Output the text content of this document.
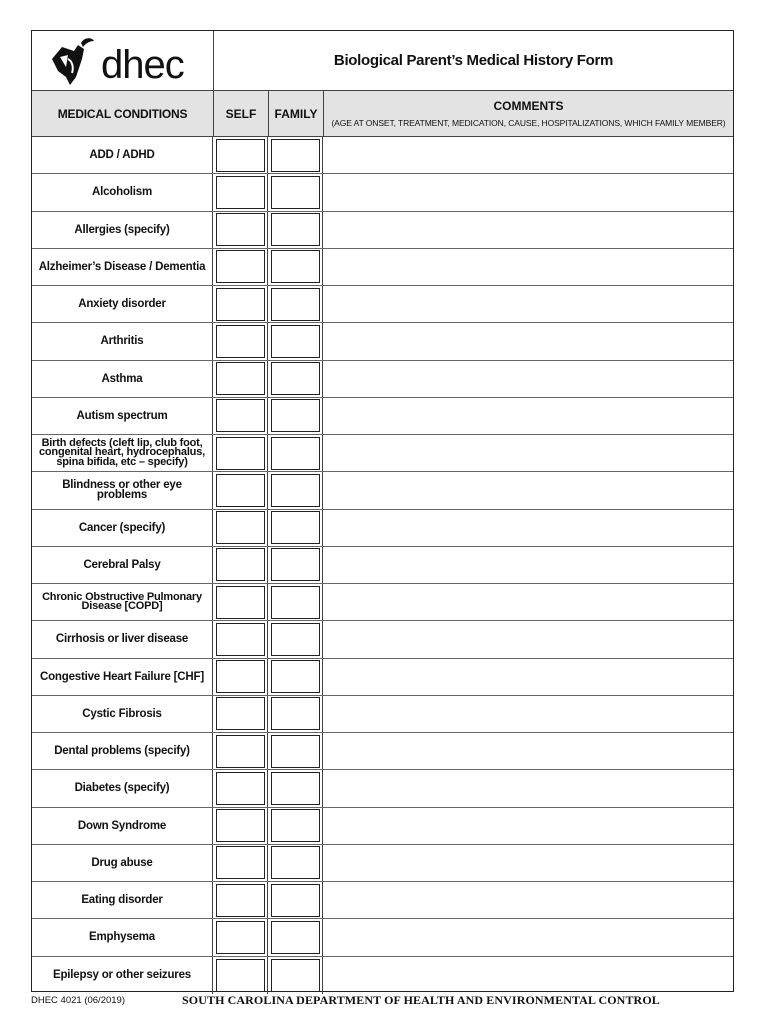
dhec	Biological Parent’s Medical History Form
MEDICAL CONDITIONS	SELF	FAMILY
COMMENTS
(AGE AT ONSET, TREATMENT, MEDICATION, CAUSE, HOSPITALIZATIONS, WHICH FAMILY MEMBER)
ADD / ADHD
Alcoholism
Allergies (specify)
Alzheimer’s Disease / Dementia
Anxiety disorder
Arthritis
Asthma
Autism spectrum
Birth defects (cleft lip, club foot, congenital heart, hydrocephalus, spina bifida, etc – specify)
Blindness or other eye problems
Cancer (specify)
Cerebral Palsy
Chronic Obstructive Pulmonary Disease [COPD]
Cirrhosis or liver disease
Congestive Heart Failure [CHF]
Cystic Fibrosis
Dental problems (specify)
Diabetes (specify)
Down Syndrome
Drug abuse
Eating disorder
Emphysema
Epilepsy or other seizures
DHEC 4021 (06/2019)	SOUTH CAROLINA DEPARTMENT OF HEALTH AND ENVIRONMENTAL CONTROL
